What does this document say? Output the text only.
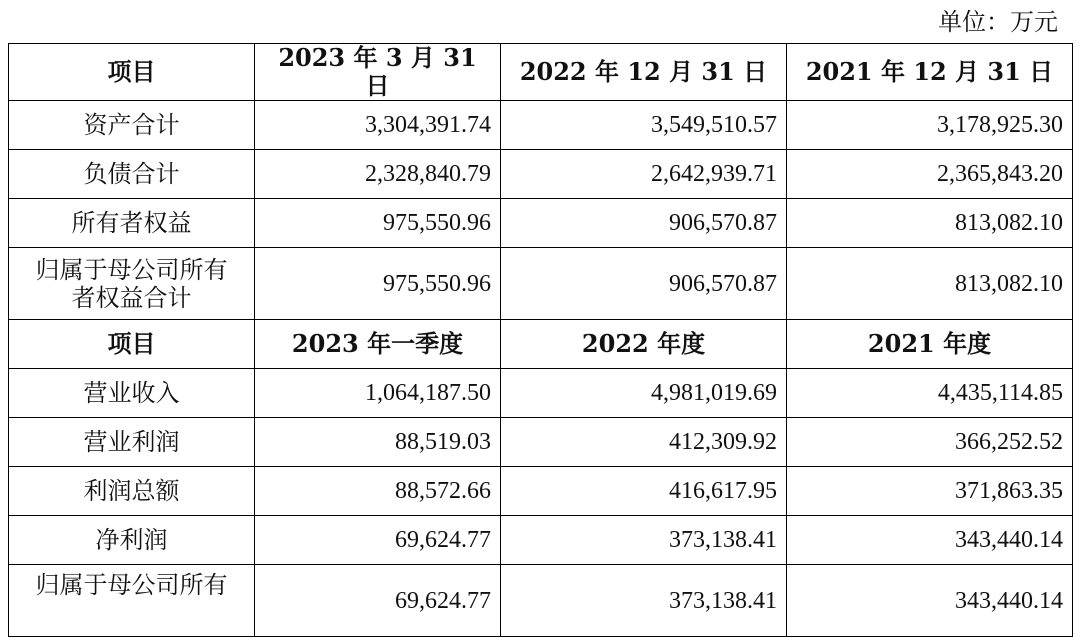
单位：万元
项目	2023 年 3 月 31 日	2022 年 12 月 31 日	2021 年 12 月 31 日
资产合计	3,304,391.74	3,549,510.57	3,178,925.30
负债合计	2,328,840.79	2,642,939.71	2,365,843.20
所有者权益	975,550.96	906,570.87	813,082.10

归属于母公司所有
者权益合计	975,550.96	906,570.87	813,082.10
项目	2023 年一季度	2022 年度	2021 年度
营业收入	1,064,187.50	4,981,019.69	4,435,114.85
营业利润	88,519.03	412,309.92	366,252.52
利润总额	88,572.66	416,617.95	371,863.35
净利润	69,624.77	373,138.41	343,440.14

归属于母公司所有	69,624.77	373,138.41	343,440.14
